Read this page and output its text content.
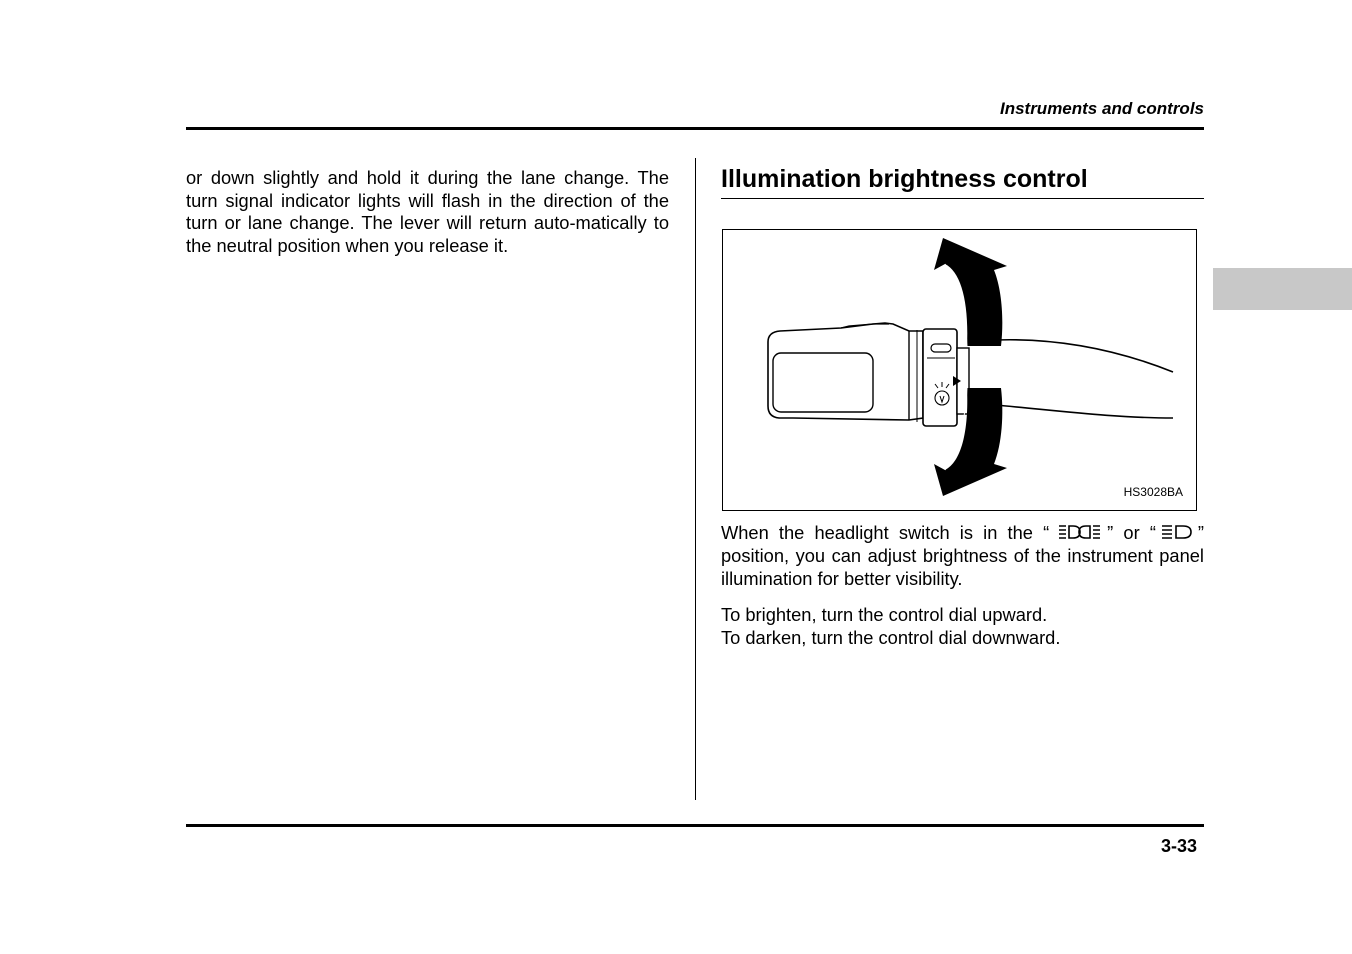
Instruments and controls

or down slightly and hold it during the lane change. The turn signal indicator lights will flash in the direction of the turn or lane change. The lever will return auto-matically to the neutral position when you release it.

Illumination brightness control
HS3028BA

When the headlight switch is in the “	” or “ ” position, you can adjust brightness of the instrument panel illumination for better visibility.

To brighten, turn the control dial upward.
To darken, turn the control dial downward.

3-33
